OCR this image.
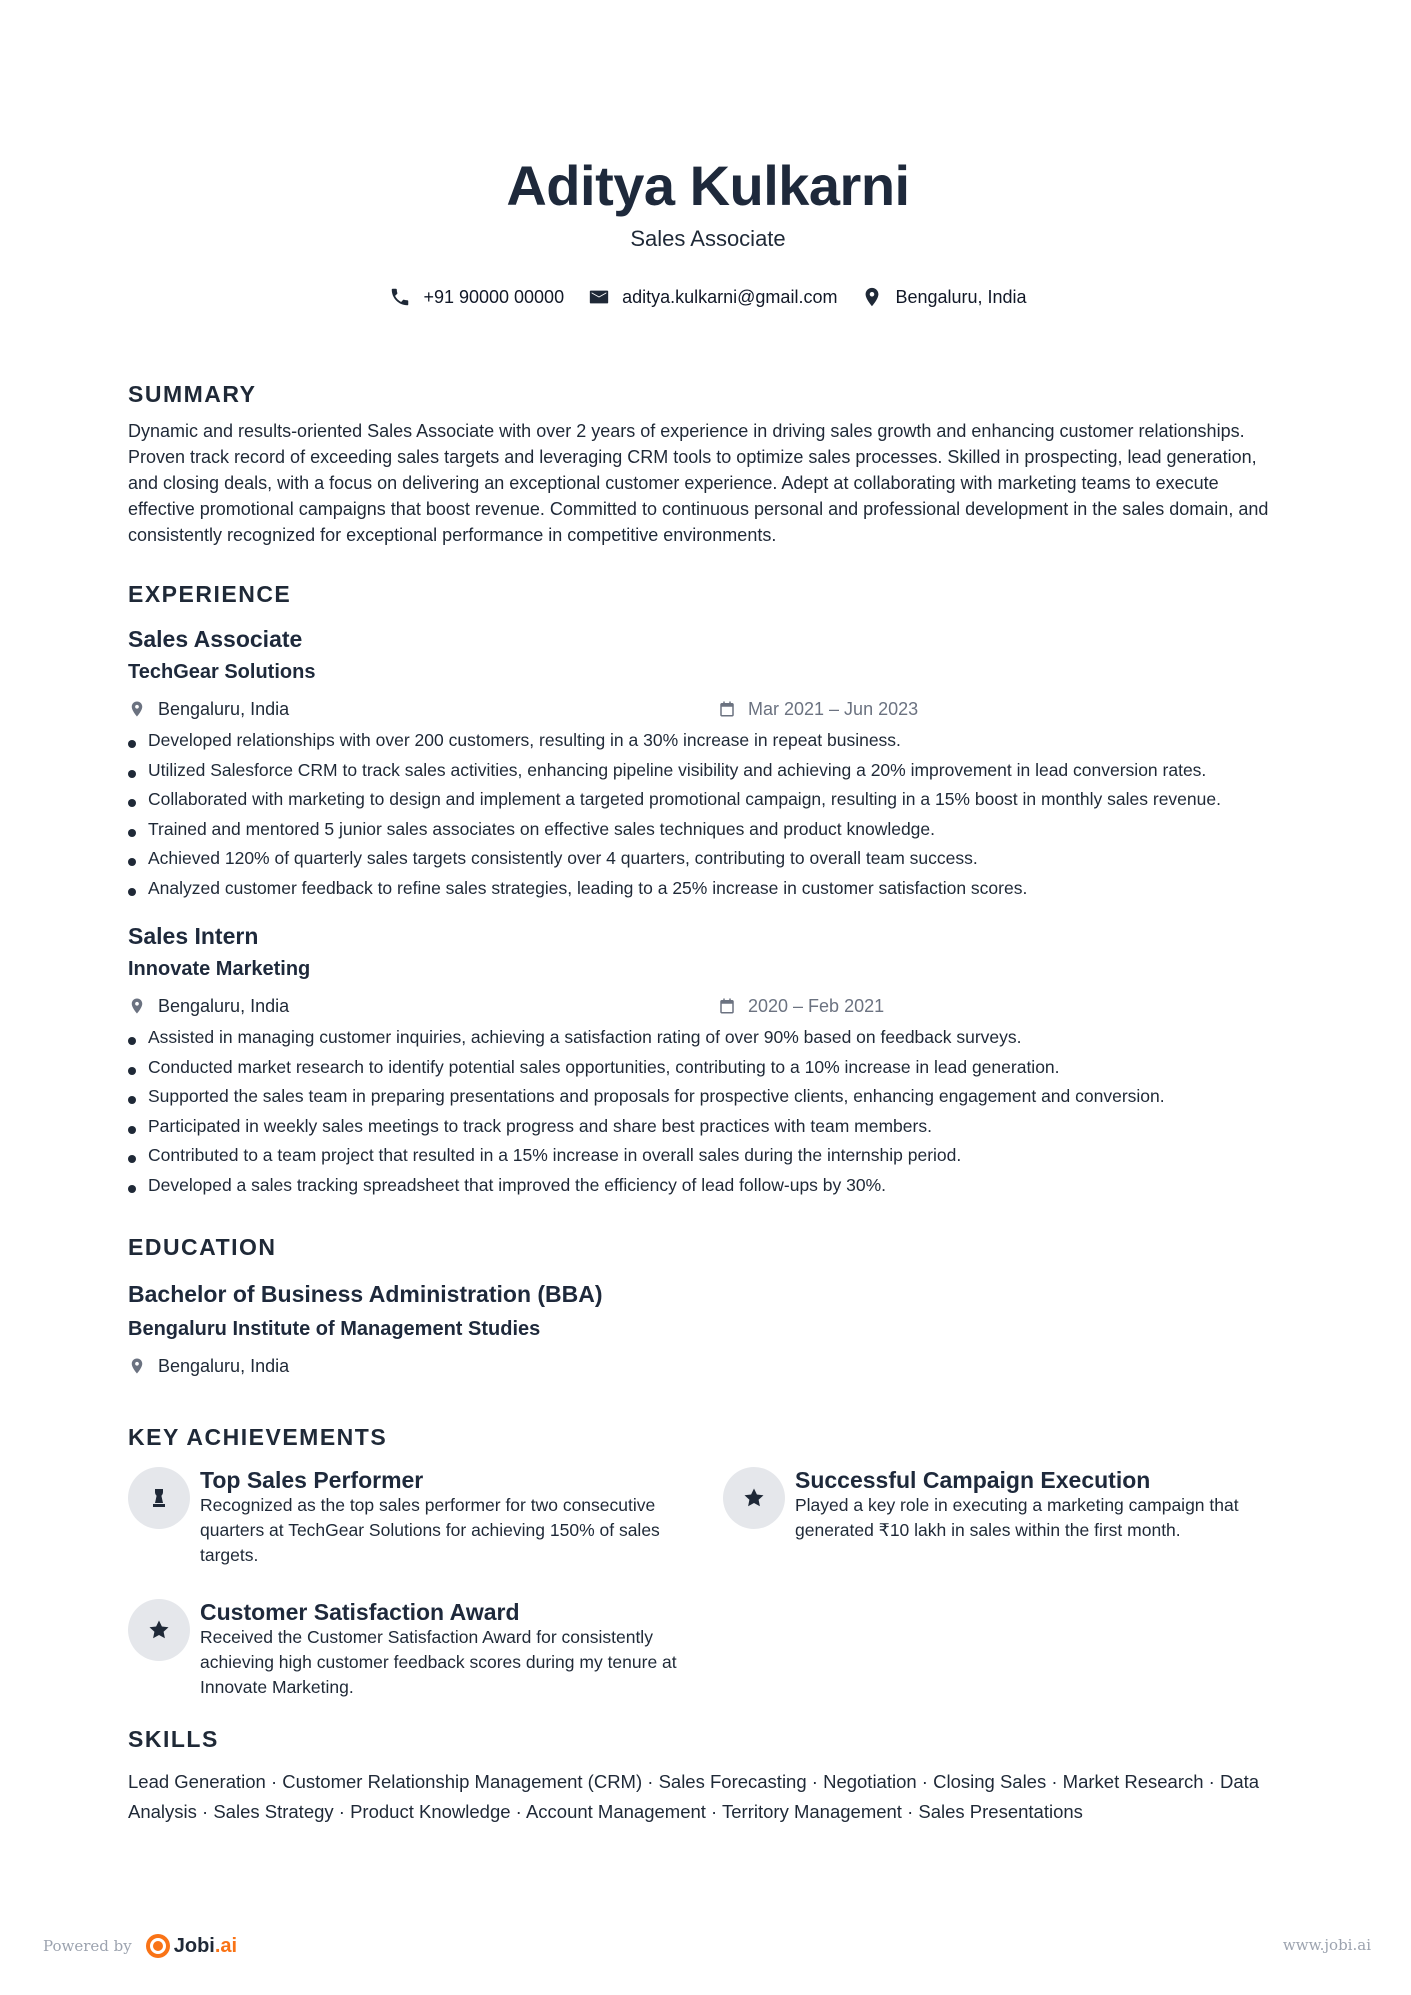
Aditya Kulkarni
Sales Associate
+91 90000 00000	aditya.kulkarni@gmail.com	Bengaluru, India
SUMMARY

Dynamic and results-oriented Sales Associate with over 2 years of experience in driving sales growth and enhancing customer relationships. Proven track record of exceeding sales targets and leveraging CRM tools to optimize sales processes. Skilled in prospecting, lead generation, and closing deals, with a focus on delivering an exceptional customer experience. Adept at collaborating with marketing teams to execute effective promotional campaigns that boost revenue. Committed to continuous personal and professional development in the sales domain, and consistently recognized for exceptional performance in competitive environments.

EXPERIENCE
Sales Associate
TechGear Solutions
Bengaluru, India	Mar 2021 – Jun 2023
Developed relationships with over 200 customers, resulting in a 30% increase in repeat business.
Utilized Salesforce CRM to track sales activities, enhancing pipeline visibility and achieving a 20% improvement in lead conversion rates.
Collaborated with marketing to design and implement a targeted promotional campaign, resulting in a 15% boost in monthly sales revenue.
Trained and mentored 5 junior sales associates on effective sales techniques and product knowledge.
Achieved 120% of quarterly sales targets consistently over 4 quarters, contributing to overall team success.
Analyzed customer feedback to refine sales strategies, leading to a 25% increase in customer satisfaction scores.
Sales Intern
Innovate Marketing
Bengaluru, India	2020 – Feb 2021
Assisted in managing customer inquiries, achieving a satisfaction rating of over 90% based on feedback surveys.
Conducted market research to identify potential sales opportunities, contributing to a 10% increase in lead generation.
Supported the sales team in preparing presentations and proposals for prospective clients, enhancing engagement and conversion.
Participated in weekly sales meetings to track progress and share best practices with team members.
Contributed to a team project that resulted in a 15% increase in overall sales during the internship period.
Developed a sales tracking spreadsheet that improved the efficiency of lead follow-ups by 30%.
EDUCATION
Bachelor of Business Administration (BBA)
Bengaluru Institute of Management Studies
Bengaluru, India
KEY ACHIEVEMENTS
Top Sales Performer
Recognized as the top sales performer for two consecutive quarters at TechGear Solutions for achieving 150% of sales targets.
Successful Campaign Execution
Played a key role in executing a marketing campaign that generated ₹10 lakh in sales within the first month.
Customer Satisfaction Award
Received the Customer Satisfaction Award for consistently achieving high customer feedback scores during my tenure at Innovate Marketing.
SKILLS

Lead Generation · Customer Relationship Management (CRM) · Sales Forecasting · Negotiation · Closing Sales · Market Research · Data Analysis · Sales Strategy · Product Knowledge · Account Management · Territory Management · Sales Presentations

Powered by Jobi.ai	www.jobi.ai
